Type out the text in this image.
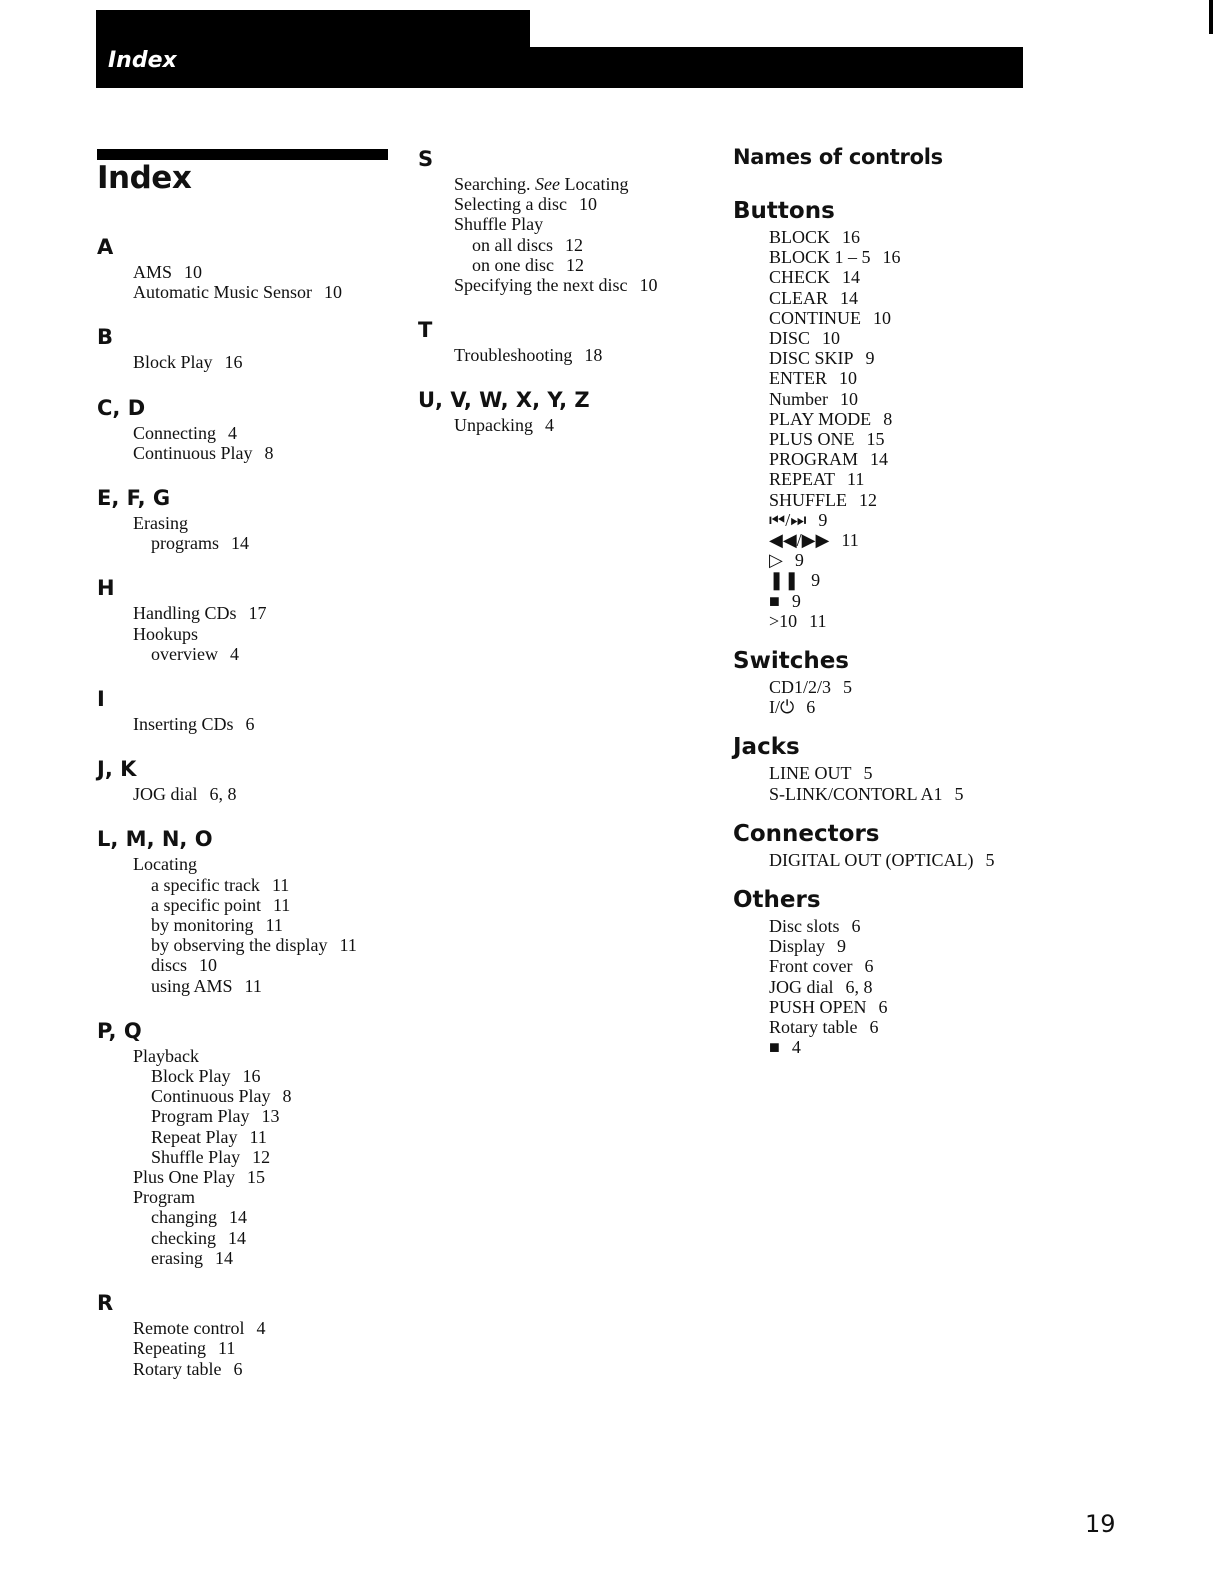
Index
Index
A
AMS 10
Automatic Music Sensor 10
B
Block Play 16
C, D
Connecting 4
Continuous Play 8
E, F, G
Erasing
programs 14
H
Handling CDs 17
Hookups
overview 4
I
Inserting CDs 6
J, K
JOG dial 6, 8
L, M, N, O
Locating
a specific track 11
a specific point 11
by monitoring 11
by observing the display 11
discs 10
using AMS 11
P, Q
Playback
Block Play 16
Continuous Play 8
Program Play 13
Repeat Play 11
Shuffle Play 12
Plus One Play 15
Program
changing 14
checking 14
erasing 14
R
Remote control 4
Repeating 11
Rotary table 6
S
Searching. See Locating
Selecting a disc 10
Shuffle Play
on all discs 12
on one disc 12
Specifying the next disc 10
T
Troubleshooting 18
U, V, W, X, Y, Z
Unpacking 4
Names of controls
Buttons
BLOCK 16
BLOCK 1 – 5 16
CHECK 14
CLEAR 14
CONTINUE 10
DISC 10
DISC SKIP 9
ENTER 10
Number 10
PLAY MODE 8
PLUS ONE 15
PROGRAM 14
REPEAT 11
SHUFFLE 12
⏮/⏭ 9
◀◀/▶▶ 11
▷ 9
❚❚ 9
■ 9
>10 11
Switches
CD1/2/3 5
I/⏻ 6
Jacks
LINE OUT 5
S-LINK/CONTORL A1 5
Connectors
DIGITAL OUT (OPTICAL) 5
Others
Disc slots 6
Display 9
Front cover 6
JOG dial 6, 8
PUSH OPEN 6
Rotary table 6
■ 4
19
